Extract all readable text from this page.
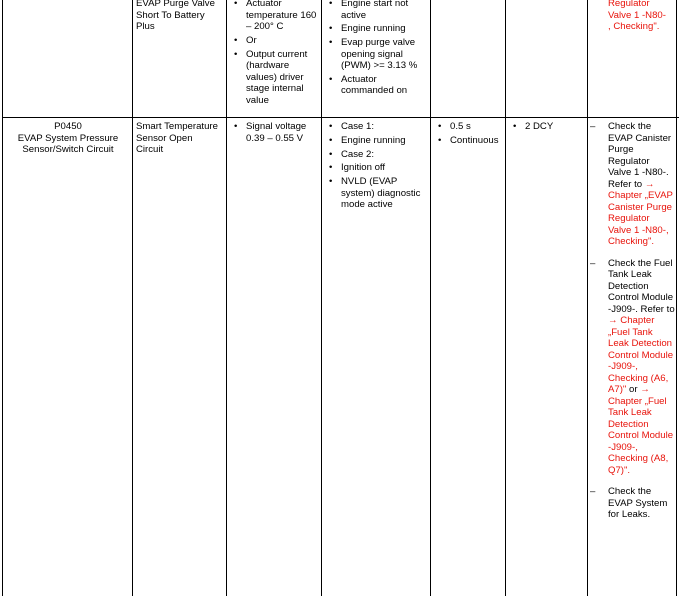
EVAP Purge Valve
Short To Battery
Plus
• Actuator temperature 160 – 200° C
• Or
• Output current (hardware values) driver stage internal value
• Engine start not active
• Engine running
• Evap purge valve opening signal (PWM) >= 3.13 %
• Actuator commanded on
Regulator
Valve 1 -N80-
, Checking".
P0450
EVAP System Pressure Sensor/Switch Circuit
Smart Temperature
Sensor Open
Circuit
• Signal voltage 0.39 – 0.55 V
• Case 1:
• Engine running
• Case 2:
• Ignition off
• NVLD (EVAP system) diagnostic mode active
• 0.5 s
• Continuous
• 2 DCY
–	Check the EVAP Canister Purge Regulator Valve 1 -N80-. Refer to → Chapter „EVAP Canister Purge Regulator Valve 1 -N80-, Checking".
– Check the Fuel Tank Leak Detection Control Module -J909-. Refer to → Chapter „Fuel Tank Leak Detection Control Module -J909-, Checking (A6, A7)" or → Chapter „Fuel Tank Leak Detection Control Module -J909-, Checking (A8, Q7)".
– Check the EVAP System for Leaks.
